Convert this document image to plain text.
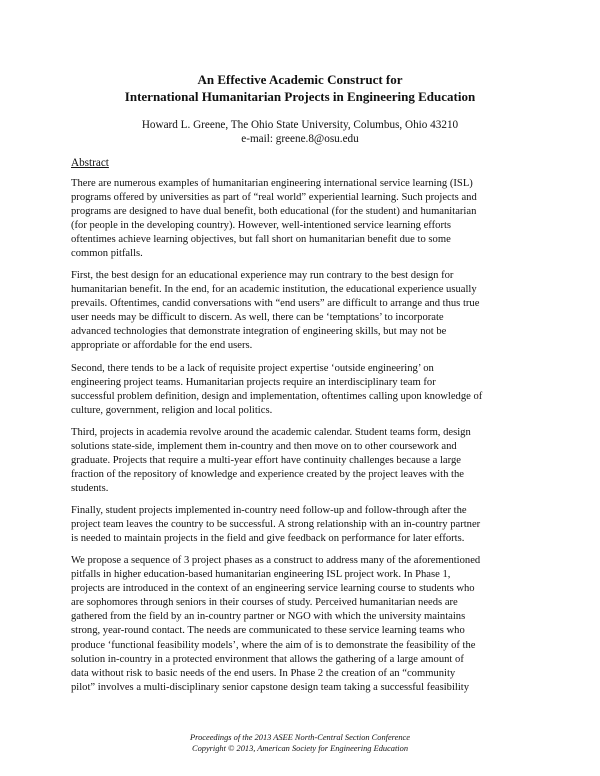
An Effective Academic Construct for
International Humanitarian Projects in Engineering Education
Howard L. Greene, The Ohio State University, Columbus, Ohio 43210
e-mail: greene.8@osu.edu
Abstract
There are numerous examples of humanitarian engineering international service learning (ISL)
programs offered by universities as part of “real world” experiential learning. Such projects and
programs are designed to have dual benefit, both educational (for the student) and humanitarian
(for people in the developing country). However, well-intentioned service learning efforts
oftentimes achieve learning objectives, but fall short on humanitarian benefit due to some
common pitfalls.
First, the best design for an educational experience may run contrary to the best design for
humanitarian benefit. In the end, for an academic institution, the educational experience usually
prevails. Oftentimes, candid conversations with “end users” are difficult to arrange and thus true
user needs may be difficult to discern. As well, there can be ‘temptations’ to incorporate
advanced technologies that demonstrate integration of engineering skills, but may not be
appropriate or affordable for the end users.
Second, there tends to be a lack of requisite project expertise ‘outside engineering’ on
engineering project teams. Humanitarian projects require an interdisciplinary team for
successful problem definition, design and implementation, oftentimes calling upon knowledge of
culture, government, religion and local politics.
Third, projects in academia revolve around the academic calendar. Student teams form, design
solutions state-side, implement them in-country and then move on to other coursework and
graduate. Projects that require a multi-year effort have continuity challenges because a large
fraction of the repository of knowledge and experience created by the project leaves with the
students.
Finally, student projects implemented in-country need follow-up and follow-through after the
project team leaves the country to be successful. A strong relationship with an in-country partner
is needed to maintain projects in the field and give feedback on performance for later efforts.
We propose a sequence of 3 project phases as a construct to address many of the aforementioned
pitfalls in higher education-based humanitarian engineering ISL project work. In Phase 1,
projects are introduced in the context of an engineering service learning course to students who
are sophomores through seniors in their courses of study. Perceived humanitarian needs are
gathered from the field by an in-country partner or NGO with which the university maintains
strong, year-round contact. The needs are communicated to these service learning teams who
produce ‘functional feasibility models’, where the aim of is to demonstrate the feasibility of the
solution in-country in a protected environment that allows the gathering of a large amount of
data without risk to basic needs of the end users. In Phase 2 the creation of an “community
pilot” involves a multi-disciplinary senior capstone design team taking a successful feasibility
Proceedings of the 2013 ASEE North-Central Section Conference
Copyright © 2013, American Society for Engineering Education
